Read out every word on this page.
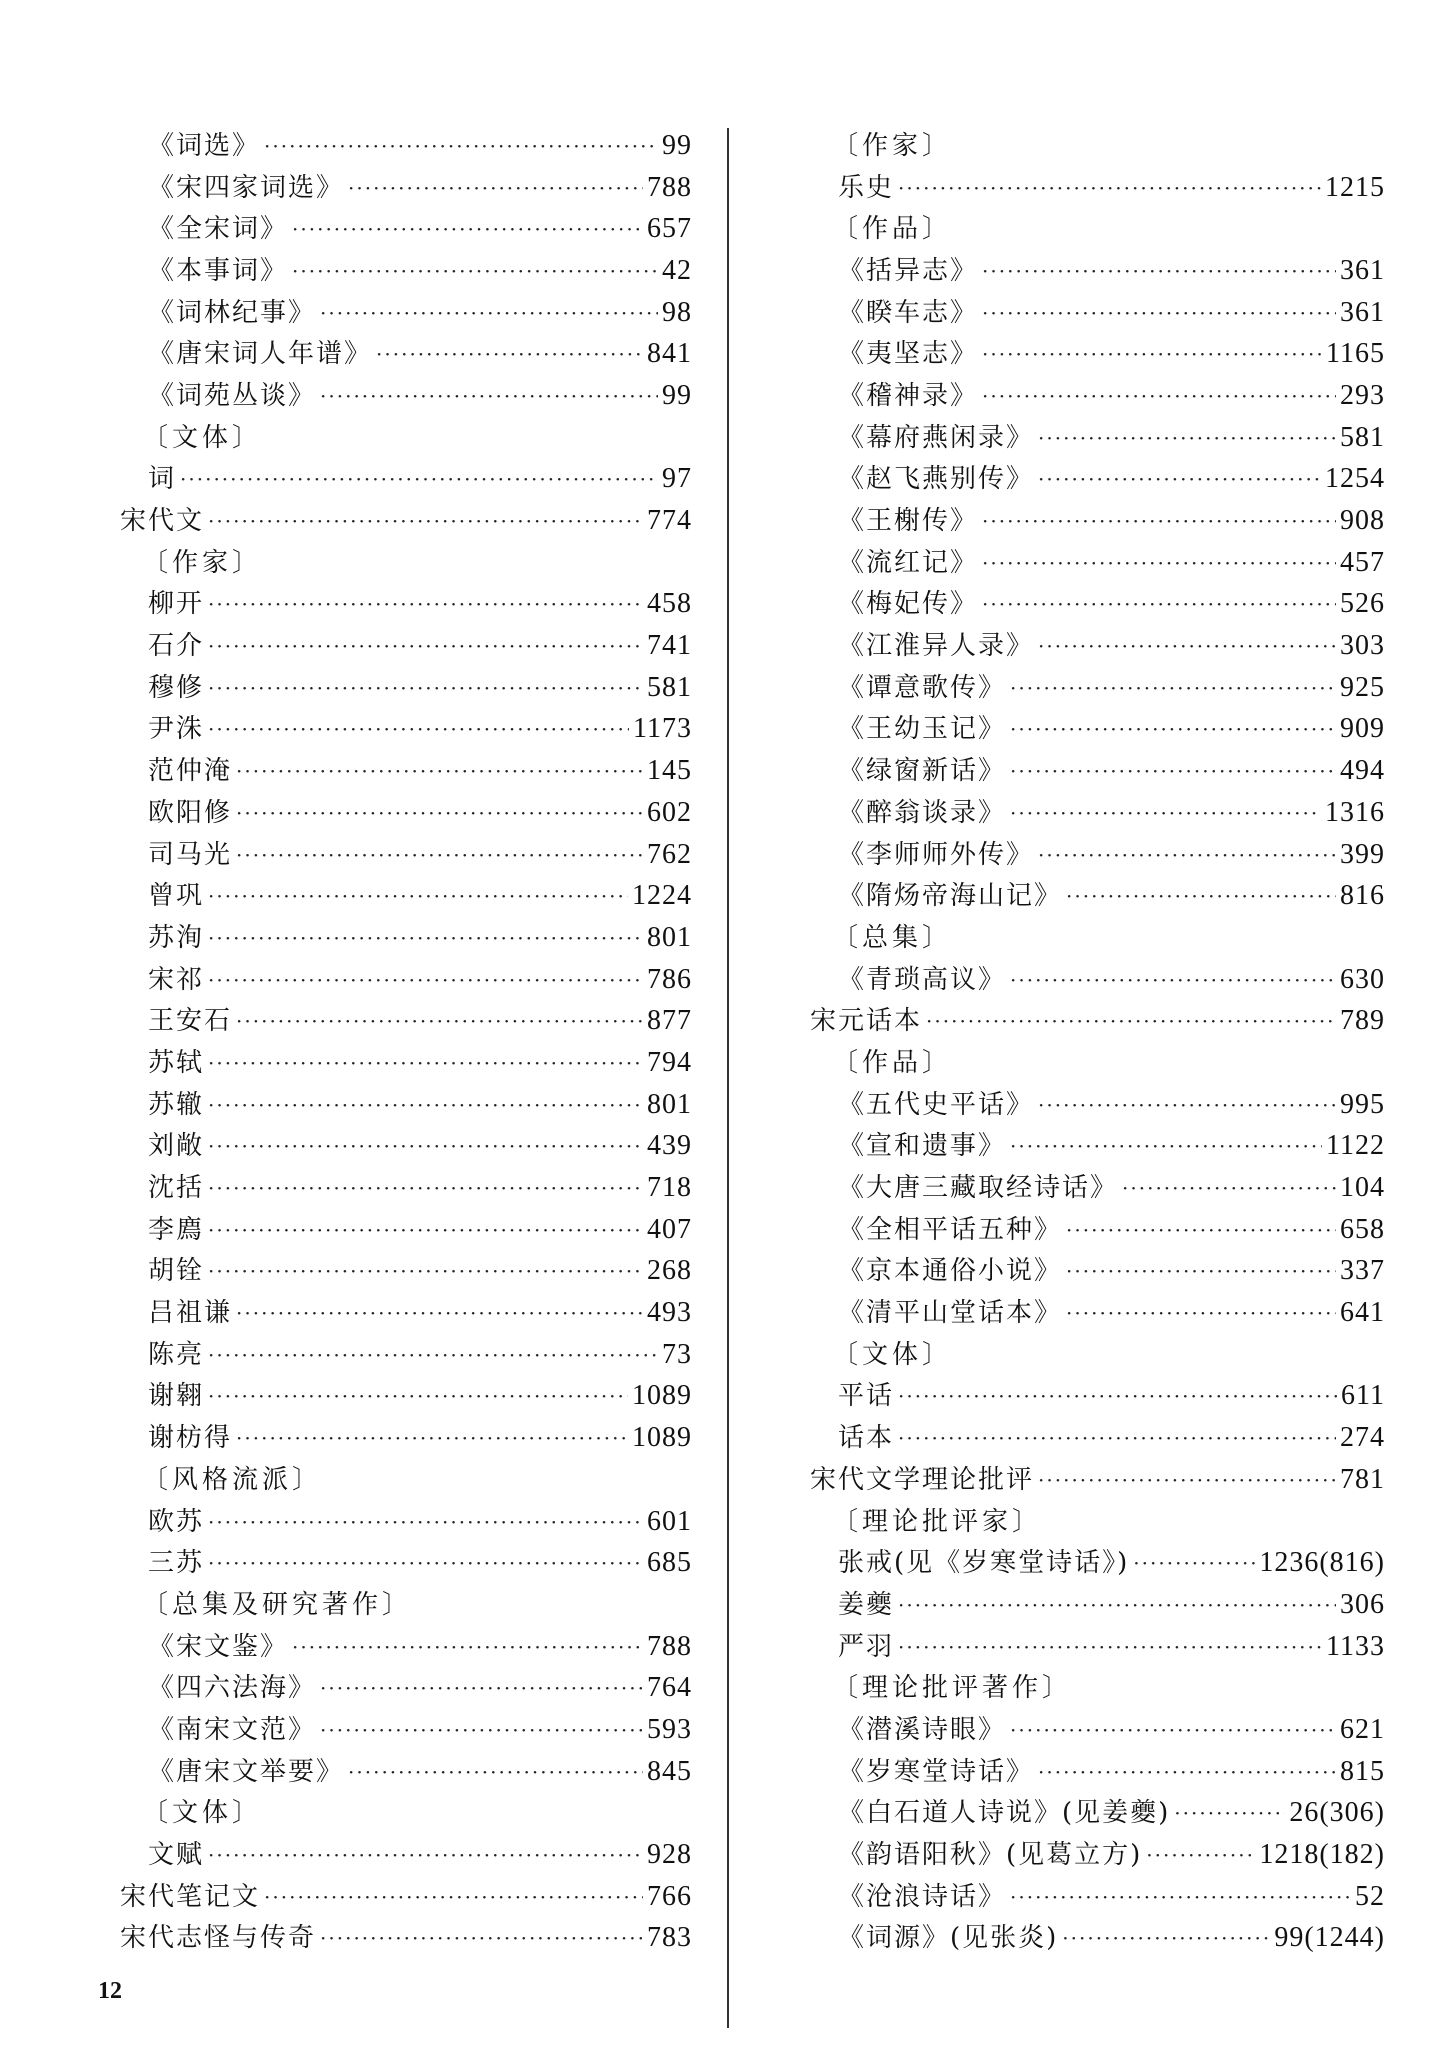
《词选》 ·····	99
《宋四家词选》 ·····	788
《全宋词》 ·····	657
《本事词》 ·····	42
《词林纪事》 ·····	98
《唐宋词人年谱》 ·····	841
《词苑丛谈》 ·····	99
〔文体〕
词 ·····	97
宋代文 ·····	774
〔作家〕
柳开 ·····	458
石介 ·····	741
穆修 ·····	581
尹洙 ·····	1173
范仲淹 ·····	145
欧阳修 ·····	602
司马光 ·····	762
曾巩 ·····	1224
苏洵 ·····	801
宋祁 ·····	786
王安石 ·····	877
苏轼 ·····	794
苏辙 ·····	801
刘敞 ·····	439
沈括 ·····	718
李廌 ·····	407
胡铨 ·····	268
吕祖谦 ·····	493
陈亮 ·····	73
谢翱 ·····	1089
谢枋得 ·····	1089
〔风格流派〕
欧苏 ·····	601
三苏 ·····	685
〔总集及研究著作〕
《宋文鉴》 ·····	788
《四六法海》 ·····	764
《南宋文范》 ·····	593
《唐宋文举要》 ·····	845
〔文体〕
文赋 ·····	928
宋代笔记文 ·····	766
宋代志怪与传奇 ·····	783
〔作家〕
乐史 ·····	1215
〔作品〕
《括异志》 ·····	361
《睽车志》 ·····	361
《夷坚志》 ·····	1165
《稽神录》 ·····	293
《幕府燕闲录》 ·····	581
《赵飞燕别传》 ·····	1254
《王榭传》 ·····	908
《流红记》 ·····	457
《梅妃传》 ·····	526
《江淮异人录》 ·····	303
《谭意歌传》 ·····	925
《王幼玉记》 ·····	909
《绿窗新话》 ·····	494
《醉翁谈录》 ·····	1316
《李师师外传》 ·····	399
《隋炀帝海山记》 ·····	816
〔总集〕
《青琐高议》 ·····	630
宋元话本 ·····	789
〔作品〕
《五代史平话》 ·····	995
《宣和遗事》 ·····	1122
《大唐三藏取经诗话》 ·····	104
《全相平话五种》 ·····	658
《京本通俗小说》 ·····	337
《清平山堂话本》 ·····	641
〔文体〕
平话 ·····	611
话本 ·····	274
宋代文学理论批评 ·····	781
〔理论批评家〕
张戒(见《岁寒堂诗话》) ·····	1236(816)
姜夔 ·····	306
严羽 ·····	1133
〔理论批评著作〕
《潜溪诗眼》 ·····	621
《岁寒堂诗话》 ·····	815
《白石道人诗说》(见姜夔) ·····	26(306)
《韵语阳秋》(见葛立方) ·····	1218(182)
《沧浪诗话》 ·····	52
《词源》(见张炎) ·····	99(1244)
12
